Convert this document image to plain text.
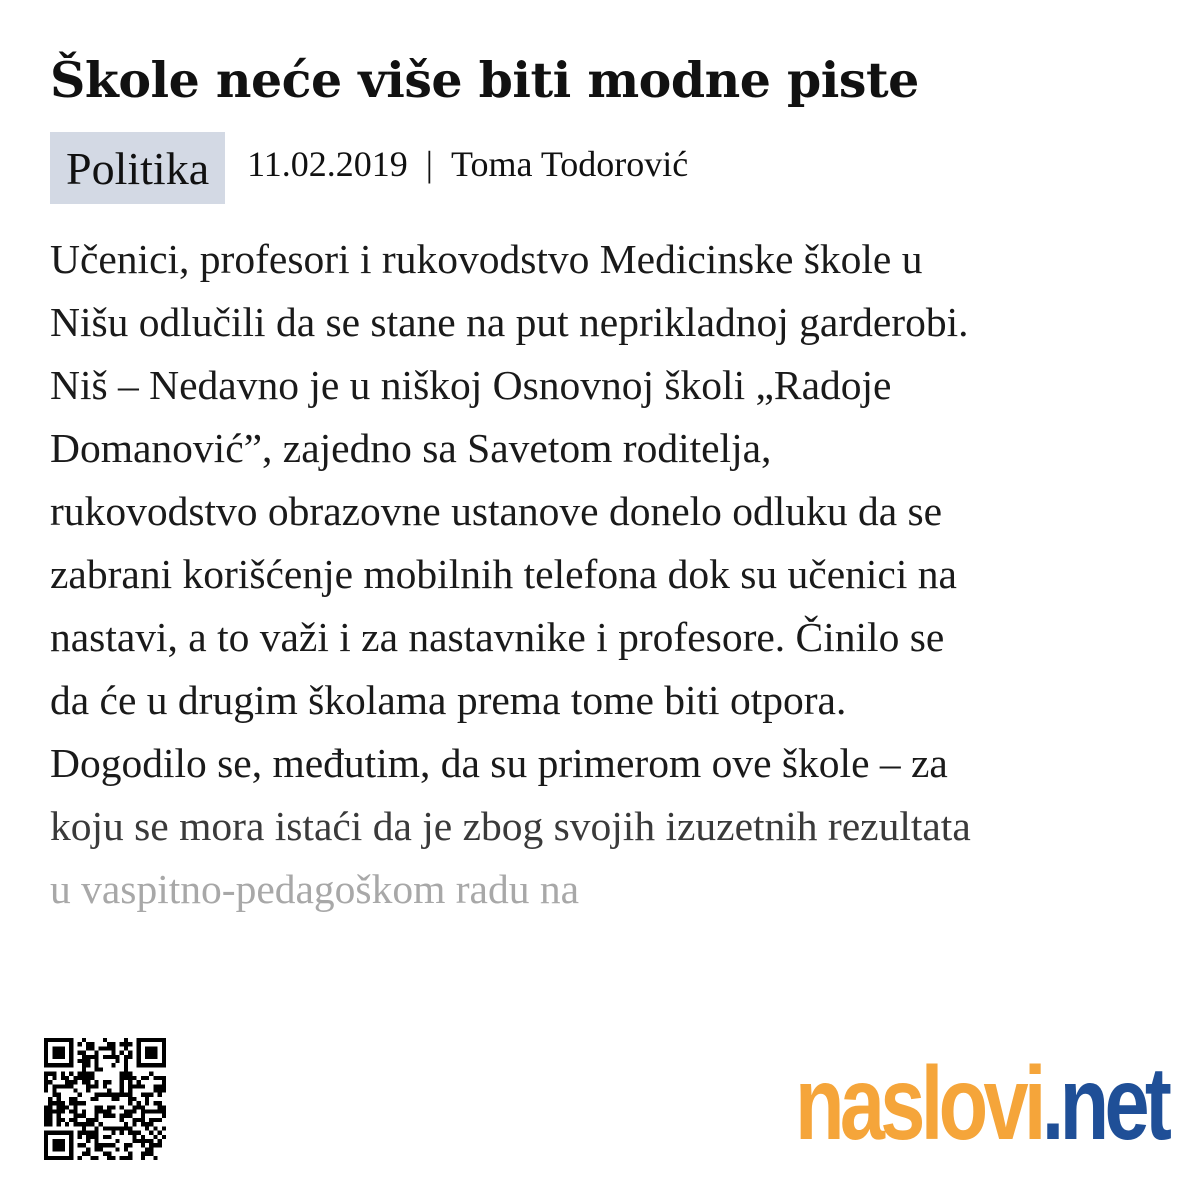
Škole neće više biti modne piste
Politika	11.02.2019 | Toma Todorović

Učenici, profesori i rukovodstvo Medicinske škole u
Nišu odlučili da se stane na put neprikladnoj garderobi.
Niš – Nedavno je u niškoj Osnovnoj školi „Radoje
Domanović”, zajedno sa Savetom roditelja,
rukovodstvo obrazovne ustanove donelo odluku da se
zabrani korišćenje mobilnih telefona dok su učenici na
nastavi, a to važi i za nastavnike i profesore. Činilo se
da će u drugim školama prema tome biti otpora.
Dogodilo se, međutim, da su primerom ove škole – za
koju se mora istaći da je zbog svojih izuzetnih rezultata
u vaspitno-pedagoškom radu na

naslovi.net
